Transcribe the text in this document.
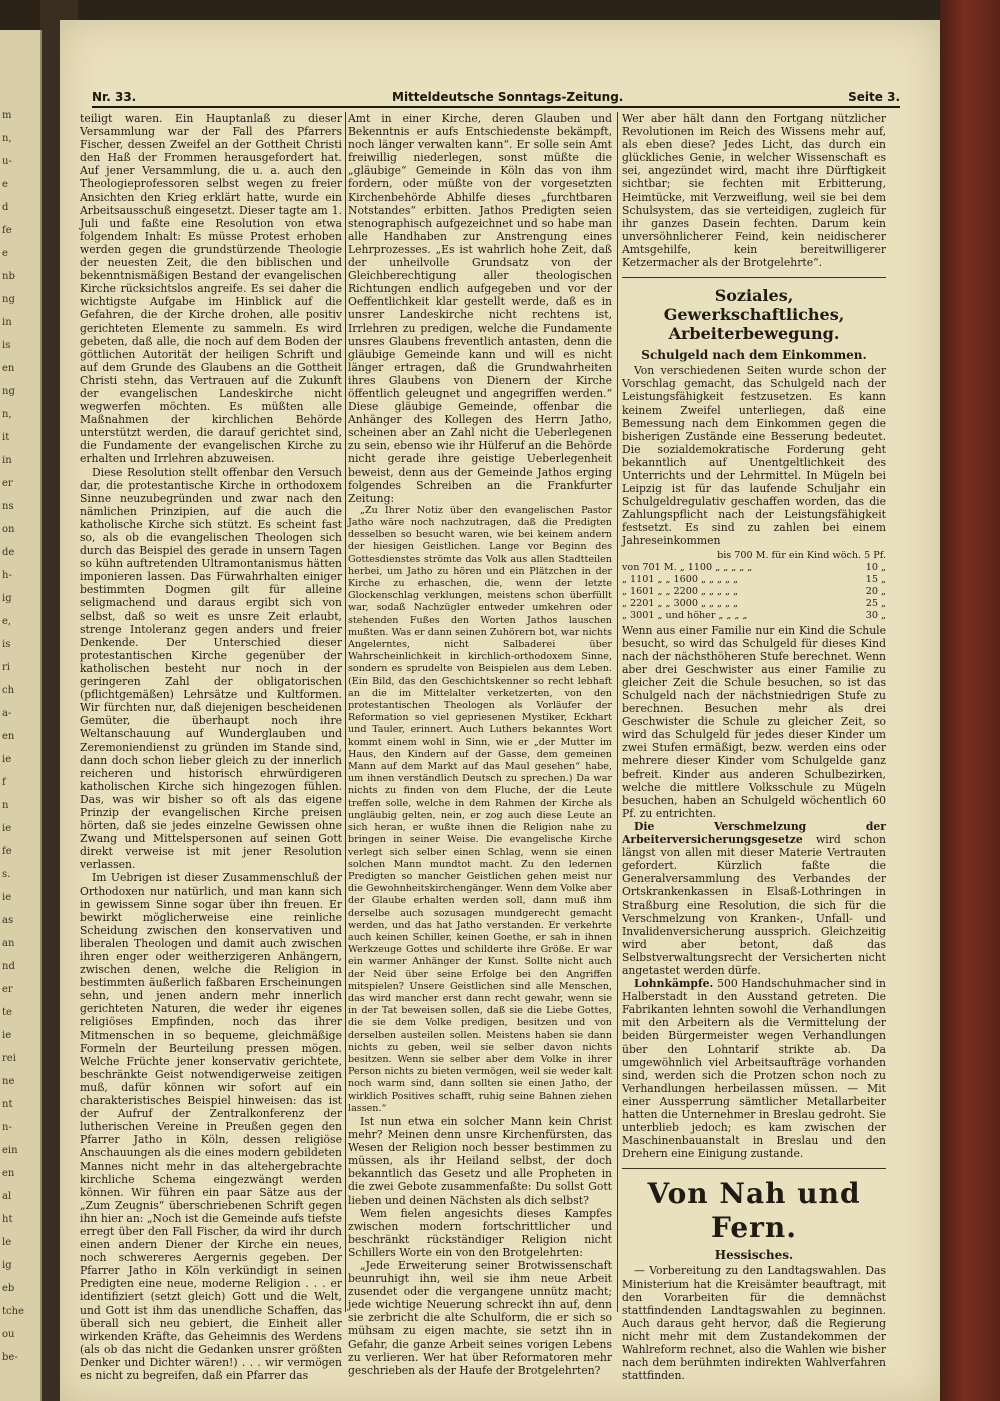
m
n,
u-
e
d
fe
e
nb
ng
in
is
en
ng
n,
it
in
er
ns
on
de
h-
ig
e,
is
ri
ch
a-
en
ie
f
n
ie
fe
s.
ie
as
an
nd
er
te
ie
rei
ne
nt
n-
ein
en
al
ht
le
ig
eb
tche
ou
be-
Nr. 33.	Mitteldeutsche Sonntags-Zeitung.	Seite 3.

teiligt waren. Ein Hauptanlaß zu dieser Versammlung war der Fall des Pfarrers Fischer, dessen Zweifel an der Gottheit Christi den Haß der Frommen herausgefordert hat. Auf jener Versammlung, die u. a. auch den Theologieprofessoren selbst wegen zu freier Ansichten den Krieg erklärt hatte, wurde ein Arbeitsausschuß eingesetzt. Dieser tagte am 1. Juli und faßte eine Resolution von etwa folgendem Inhalt: Es müsse Protest erhoben werden gegen die grundstürzende Theologie der neuesten Zeit, die den biblischen und bekenntnismäßigen Bestand der evangelischen Kirche rücksichtslos angreife. Es sei daher die wichtigste Aufgabe im Hinblick auf die Gefahren, die der Kirche drohen, alle positiv gerichteten Elemente zu sammeln. Es wird gebeten, daß alle, die noch auf dem Boden der göttlichen Autorität der heiligen Schrift und auf dem Grunde des Glaubens an die Gottheit Christi stehn, das Vertrauen auf die Zukunft der evangelischen Landeskirche nicht wegwerfen möchten. Es müßten alle Maßnahmen der kirchlichen Behörde unterstützt werden, die darauf gerichtet sind, die Fundamente der evangelischen Kirche zu erhalten und Irrlehren abzuweisen.

Diese Resolution stellt offenbar den Versuch dar, die protestantische Kirche in orthodoxem Sinne neuzubegründen und zwar nach den nämlichen Prinzipien, auf die auch die katholische Kirche sich stützt. Es scheint fast so, als ob die evangelischen Theologen sich durch das Beispiel des gerade in unsern Tagen so kühn auftretenden Ultramontanismus hätten imponieren lassen. Das Fürwahrhalten einiger bestimmten Dogmen gilt für alleine seligmachend und daraus ergibt sich von selbst, daß so weit es unsre Zeit erlaubt, strenge Intoleranz gegen anders und freier Denkende. Der Unterschied dieser protestantischen Kirche gegenüber der katholischen besteht nur noch in der geringeren Zahl der obligatorischen (pflichtgemäßen) Lehrsätze und Kultformen. Wir fürchten nur, daß diejenigen bescheidenen Gemüter, die überhaupt noch ihre Weltanschauung auf Wunderglauben und Zeremoniendienst zu gründen im Stande sind, dann doch schon lieber gleich zu der innerlich reicheren und historisch ehrwürdigeren katholischen Kirche sich hingezogen fühlen. Das, was wir bisher so oft als das eigene Prinzip der evangelischen Kirche preisen hörten, daß sie jedes einzelne Gewissen ohne Zwang und Mittelspersonen auf seinen Gott direkt verweise ist mit jener Resolution verlassen.

Im Uebrigen ist dieser Zusammenschluß der Orthodoxen nur natürlich, und man kann sich in gewissem Sinne sogar über ihn freuen. Er bewirkt möglicherweise eine reinliche Scheidung zwischen den konservativen und liberalen Theologen und damit auch zwischen ihren enger oder weitherzigeren Anhängern, zwischen denen, welche die Religion in bestimmten äußerlich faßbaren Erscheinungen sehn, und jenen andern mehr innerlich gerichteten Naturen, die weder ihr eigenes religiöses Empfinden, noch das ihrer Mitmenschen in so bequeme, gleichmäßige Formeln der Beurteilung pressen mögen. Welche Früchte jener konservativ gerichtete, beschränkte Geist notwendigerweise zeitigen muß, dafür können wir sofort auf ein charakteristisches Beispiel hinweisen: das ist der Aufruf der Zentralkonferenz der lutherischen Vereine in Preußen gegen den Pfarrer Jatho in Köln, dessen religiöse Anschauungen als die eines modern gebildeten Mannes nicht mehr in das altehergebrachte kirchliche Schema eingezwängt werden können. Wir führen ein paar Sätze aus der „Zum Zeugnis“ überschriebenen Schrift gegen ihn hier an: „Noch ist die Gemeinde aufs tiefste erregt über den Fall Fischer, da wird ihr durch einen andern Diener der Kirche ein neues, noch schwereres Aergernis gegeben. Der Pfarrer Jatho in Köln verkündigt in seinen Predigten eine neue, moderne Religion . . . er identifiziert (setzt gleich) Gott und die Welt, und Gott ist ihm das unendliche Schaffen, das überall sich neu gebiert, die Einheit aller wirkenden Kräfte, das Geheimnis des Werdens (als ob das nicht die Gedanken unsrer größten Denker und Dichter wären!) . . . wir vermögen es nicht zu begreifen, daß ein Pfarrer das

Amt in einer Kirche, deren Glauben und Bekenntnis er aufs Entschiedenste bekämpft, noch länger verwalten kann“. Er solle sein Amt freiwillig niederlegen, sonst müßte die „gläubige“ Gemeinde in Köln das von ihm fordern, oder müßte von der vorgesetzten Kirchenbehörde Abhilfe dieses „furchtbaren Notstandes“ erbitten. Jathos Predigten seien stenographisch aufgezeichnet und so habe man alle Handhaben zur Anstrengung eines Lehrprozesses. „Es ist wahrlich hohe Zeit, daß der unheilvolle Grundsatz von der Gleichberechtigung aller theologischen Richtungen endlich aufgegeben und vor der Oeffentlichkeit klar gestellt werde, daß es in unsrer Landeskirche nicht rechtens ist, Irrlehren zu predigen, welche die Fundamente unsres Glaubens freventlich antasten, denn die gläubige Gemeinde kann und will es nicht länger ertragen, daß die Grundwahrheiten ihres Glaubens von Dienern der Kirche öffentlich geleugnet und angegriffen werden.“ Diese gläubige Gemeinde, offenbar die Anhänger des Kollegen des Herrn Jatho, scheinen aber an Zahl nicht die Ueberlegenen zu sein, ebenso wie ihr Hülferuf an die Behörde nicht gerade ihre geistige Ueberlegenheit beweist, denn aus der Gemeinde Jathos erging folgendes Schreiben an die Frankfurter Zeitung:

„Zu Ihrer Notiz über den evangelischen Pastor Jatho wäre noch nachzutragen, daß die Predigten desselben so besucht waren, wie bei keinem andern der hiesigen Geistlichen. Lange vor Beginn des Gottesdienstes strömte das Volk aus allen Stadtteilen herbei, um Jatho zu hören und ein Plätzchen in der Kirche zu erhaschen, die, wenn der letzte Glockenschlag verklungen, meistens schon überfüllt war, sodaß Nachzügler entweder umkehren oder stehenden Fußes den Worten Jathos lauschen mußten. Was er dann seinen Zuhörern bot, war nichts Angelerntes, nicht Salbaderei über Wahrscheinlichkeit in kirchlich-orthodoxem Sinne, sondern es sprudelte von Beispielen aus dem Leben. (Ein Bild, das den Geschichtskenner so recht lebhaft an die im Mittelalter verketzerten, von den protestantischen Theologen als Vorläufer der Reformation so viel gepriesenen Mystiker, Eckhart und Tauler, erinnert. Auch Luthers bekanntes Wort kommt einem wohl in Sinn, wie er „der Mutter im Haus, den Kindern auf der Gasse, dem gemeinen Mann auf dem Markt auf das Maul gesehen“ habe, um ihnen verständlich Deutsch zu sprechen.) Da war nichts zu finden von dem Fluche, der die Leute treffen solle, welche in dem Rahmen der Kirche als ungläubig gelten, nein, er zog auch diese Leute an sich heran, er wußte ihnen die Religion nahe zu bringen in seiner Weise. Die evangelische Kirche verlegt sich selber einen Schlag, wenn sie einen solchen Mann mundtot macht. Zu den ledernen Predigten so mancher Geistlichen gehen meist nur die Gewohnheitskirchengänger. Wenn dem Volke aber der Glaube erhalten werden soll, dann muß ihm derselbe auch sozusagen mundgerecht gemacht werden, und das hat Jatho verstanden. Er verkehrte auch keinen Schiller, keinen Goethe, er sah in ihnen Werkzeuge Gottes und schilderte ihre Größe. Er war ein warmer Anhänger der Kunst. Sollte nicht auch der Neid über seine Erfolge bei den Angriffen mitspielen? Unsere Geistlichen sind alle Menschen, das wird mancher erst dann recht gewahr, wenn sie in der Tat beweisen sollen, daß sie die Liebe Gottes, die sie dem Volke predigen, besitzen und von derselben austeilen sollen. Meistens haben sie dann nichts zu geben, weil sie selber davon nichts besitzen. Wenn sie selber aber dem Volke in ihrer Person nichts zu bieten vermögen, weil sie weder kalt noch warm sind, dann sollten sie einen Jatho, der wirklich Positives schafft, ruhig seine Bahnen ziehen lassen.“

Ist nun etwa ein solcher Mann kein Christ mehr? Meinen denn unsre Kirchenfürsten, das Wesen der Religion noch besser bestimmen zu müssen, als ihr Heiland selbst, der doch bekanntlich das Gesetz und alle Propheten in die zwei Gebote zusammenfaßte: Du sollst Gott lieben und deinen Nächsten als dich selbst?

Wem fielen angesichts dieses Kampfes zwischen modern fortschrittlicher und beschränkt rückständiger Religion nicht Schillers Worte ein von den Brotgelehrten:

„Jede Erweiterung seiner Brotwissenschaft beunruhigt ihn, weil sie ihm neue Arbeit zusendet oder die vergangene unnütz macht; jede wichtige Neuerung schreckt ihn auf, denn sie zerbricht die alte Schulform, die er sich so mühsam zu eigen machte, sie setzt ihn in Gefahr, die ganze Arbeit seines vorigen Lebens zu verlieren. Wer hat über Reformatoren mehr geschrieben als der Haufe der Brotgelehrten?

Wer aber hält dann den Fortgang nützlicher Revolutionen im Reich des Wissens mehr auf, als eben diese? Jedes Licht, das durch ein glückliches Genie, in welcher Wissenschaft es sei, angezündet wird, macht ihre Dürftigkeit sichtbar; sie fechten mit Erbitterung, Heimtücke, mit Verzweiflung, weil sie bei dem Schulsystem, das sie verteidigen, zugleich für ihr ganzes Dasein fechten. Darum kein unversöhnlicherer Feind, kein neidischerer Amtsgehilfe, kein bereitwilligerer Ketzermacher als der Brotgelehrte“.

Soziales, Gewerkschaftliches, Arbeiterbewegung.
Schulgeld nach dem Einkommen.

Von verschiedenen Seiten wurde schon der Vorschlag gemacht, das Schulgeld nach der Leistungsfähigkeit festzusetzen. Es kann keinem Zweifel unterliegen, daß eine Bemessung nach dem Einkommen gegen die bisherigen Zustände eine Besserung bedeutet. Die sozialdemokratische Forderung geht bekanntlich auf Unentgeltlichkeit des Unterrichts und der Lehrmittel. In Mügeln bei Leipzig ist für das laufende Schuljahr ein Schulgeldregulativ geschaffen worden, das die Zahlungspflicht nach der Leistungsfähigkeit festsetzt. Es sind zu zahlen bei einem Jahreseinkommen

bis 700 M. für ein Kind wöch. 5 Pf.	
von 701 M. „ 1100 „ „ „ „ „	10 „
„ 1101 „ „ 1600 „ „ „ „ „	15 „
„ 1601 „ „ 2200 „ „ „ „ „	20 „
„ 2201 „ „ 3000 „ „ „ „ „	25 „
„ 3001 „ und höher „ „ „ „	30 „

Wenn aus einer Familie nur ein Kind die Schule besucht, so wird das Schulgeld für dieses Kind nach der nächsthöheren Stufe berechnet. Wenn aber drei Geschwister aus einer Familie zu gleicher Zeit die Schule besuchen, so ist das Schulgeld nach der nächstniedrigen Stufe zu berechnen. Besuchen mehr als drei Geschwister die Schule zu gleicher Zeit, so wird das Schulgeld für jedes dieser Kinder um zwei Stufen ermäßigt, bezw. werden eins oder mehrere dieser Kinder vom Schulgelde ganz befreit. Kinder aus anderen Schulbezirken, welche die mittlere Volksschule zu Mügeln besuchen, haben an Schulgeld wöchentlich 60 Pf. zu entrichten.

Die Verschmelzung der Arbeiterversicherungsgesetze wird schon längst von allen mit dieser Materie Vertrauten gefordert. Kürzlich faßte die Generalversammlung des Verbandes der Ortskrankenkassen in Elsaß-Lothringen in Straßburg eine Resolution, die sich für die Verschmelzung von Kranken-, Unfall- und Invalidenversicherung aussprich. Gleichzeitig wird aber betont, daß das Selbstverwaltungsrecht der Versicherten nicht angetastet werden dürfe.

Lohnkämpfe. 500 Handschuhmacher sind in Halberstadt in den Ausstand getreten. Die Fabrikanten lehnten sowohl die Verhandlungen mit den Arbeitern als die Vermittelung der beiden Bürgermeister wegen Verhandlungen über den Lohntarif strikte ab. Da umgewöhnlich viel Arbeitsaufträge vorhanden sind, werden sich die Protzen schon noch zu Verhandlungen herbeilassen müssen. — Mit einer Aussperrung sämtlicher Metallarbeiter hatten die Unternehmer in Breslau gedroht. Sie unterblieb jedoch; es kam zwischen der Maschinenbauanstalt in Breslau und den Drehern eine Einigung zustande.

Von Nah und Fern.
Hessisches.

— Vorbereitung zu den Landtagswahlen. Das Ministerium hat die Kreisämter beauftragt, mit den Vorarbeiten für die demnächst stattfindenden Landtagswahlen zu beginnen. Auch daraus geht hervor, daß die Regierung nicht mehr mit dem Zustandekommen der Wahlreform rechnet, also die Wahlen wie bisher nach dem berühmten indirekten Wahlverfahren stattfinden.
